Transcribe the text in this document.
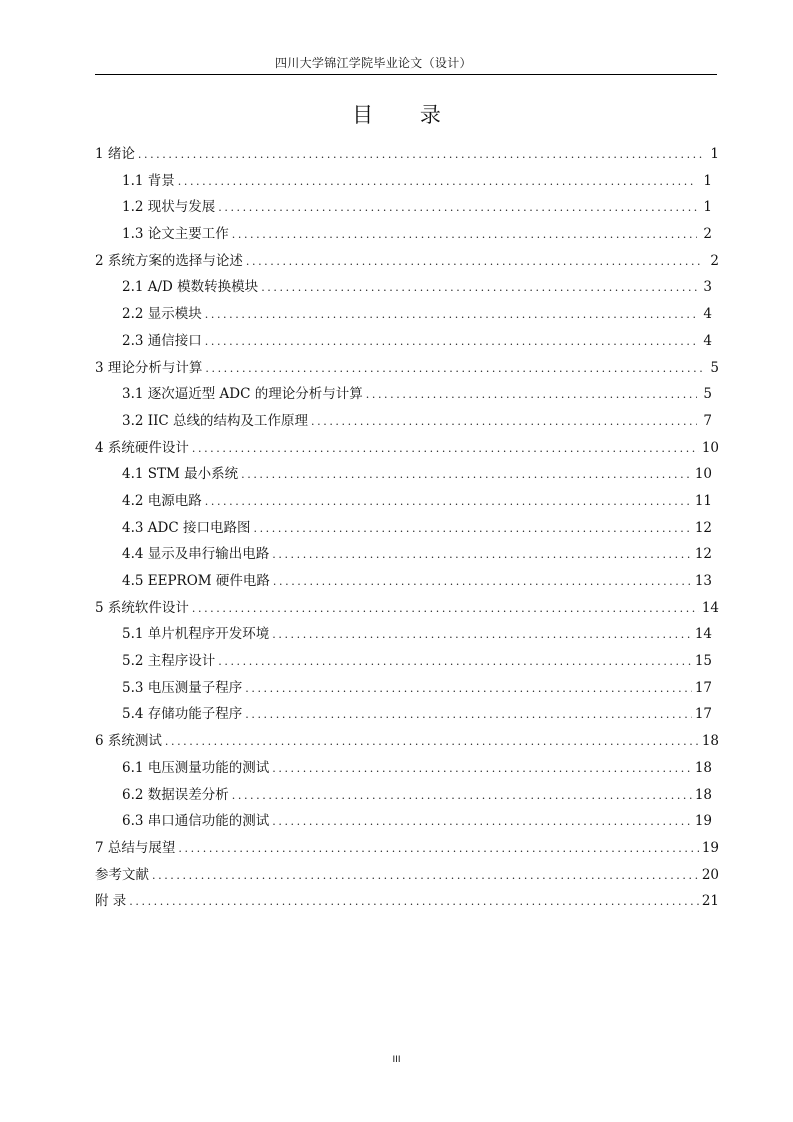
四川大学锦江学院毕业论文（设计）
目 录
1 绪论 .....	1
1.1 背景 .....	1
1.2 现状与发展 .....	1
1.3 论文主要工作 .....	2
2 系统方案的选择与论述 .....	2
2.1 A/D 模数转换模块 .....	3
2.2 显示模块 .....	4
2.3 通信接口 .....	4
3 理论分析与计算 .....	5
3.1 逐次逼近型 ADC 的理论分析与计算 .....	5
3.2 IIC 总线的结构及工作原理 .....	7
4 系统硬件设计 .....	10
4.1 STM 最小系统 .....	10
4.2 电源电路 .....	11
4.3 ADC 接口电路图 .....	12
4.4 显示及串行输出电路 .....	12
4.5 EEPROM 硬件电路 .....	13
5 系统软件设计 .....	14
5.1 单片机程序开发环境 .....	14
5.2 主程序设计 .....	15
5.3 电压测量子程序 .....	17
5.4 存储功能子程序 .....	17
6 系统测试 .....	18
6.1 电压测量功能的测试 .....	18
6.2 数据误差分析 .....	18
6.3 串口通信功能的测试 .....	19
7 总结与展望 .....	19
参考文献 .....	20
附 录 .....	21
III
